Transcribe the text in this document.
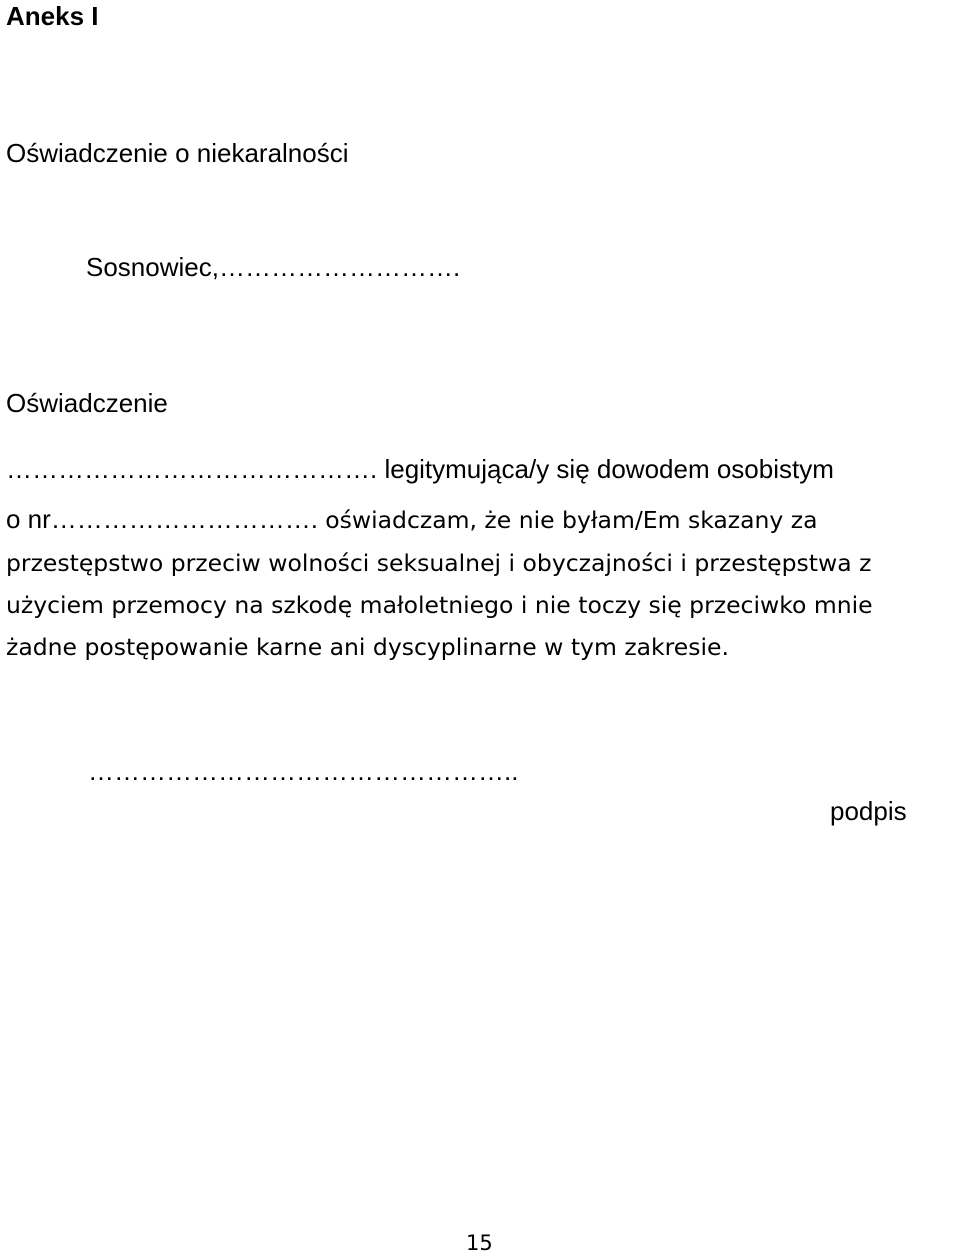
Aneks I
Oświadczenie o niekaralności
Sosnowiec,……………………….
Oświadczenie
……………………………………. legitymująca/y się dowodem osobistym
o nr…………………………. oświadczam, że nie byłam/Em skazany za
przestępstwo przeciw wolności seksualnej i obyczajności i przestępstwa z
użyciem przemocy na szkodę małoletniego i nie toczy się przeciwko mnie
żadne postępowanie karne ani dyscyplinarne w tym zakresie.
…………………………………………..
podpis
15
